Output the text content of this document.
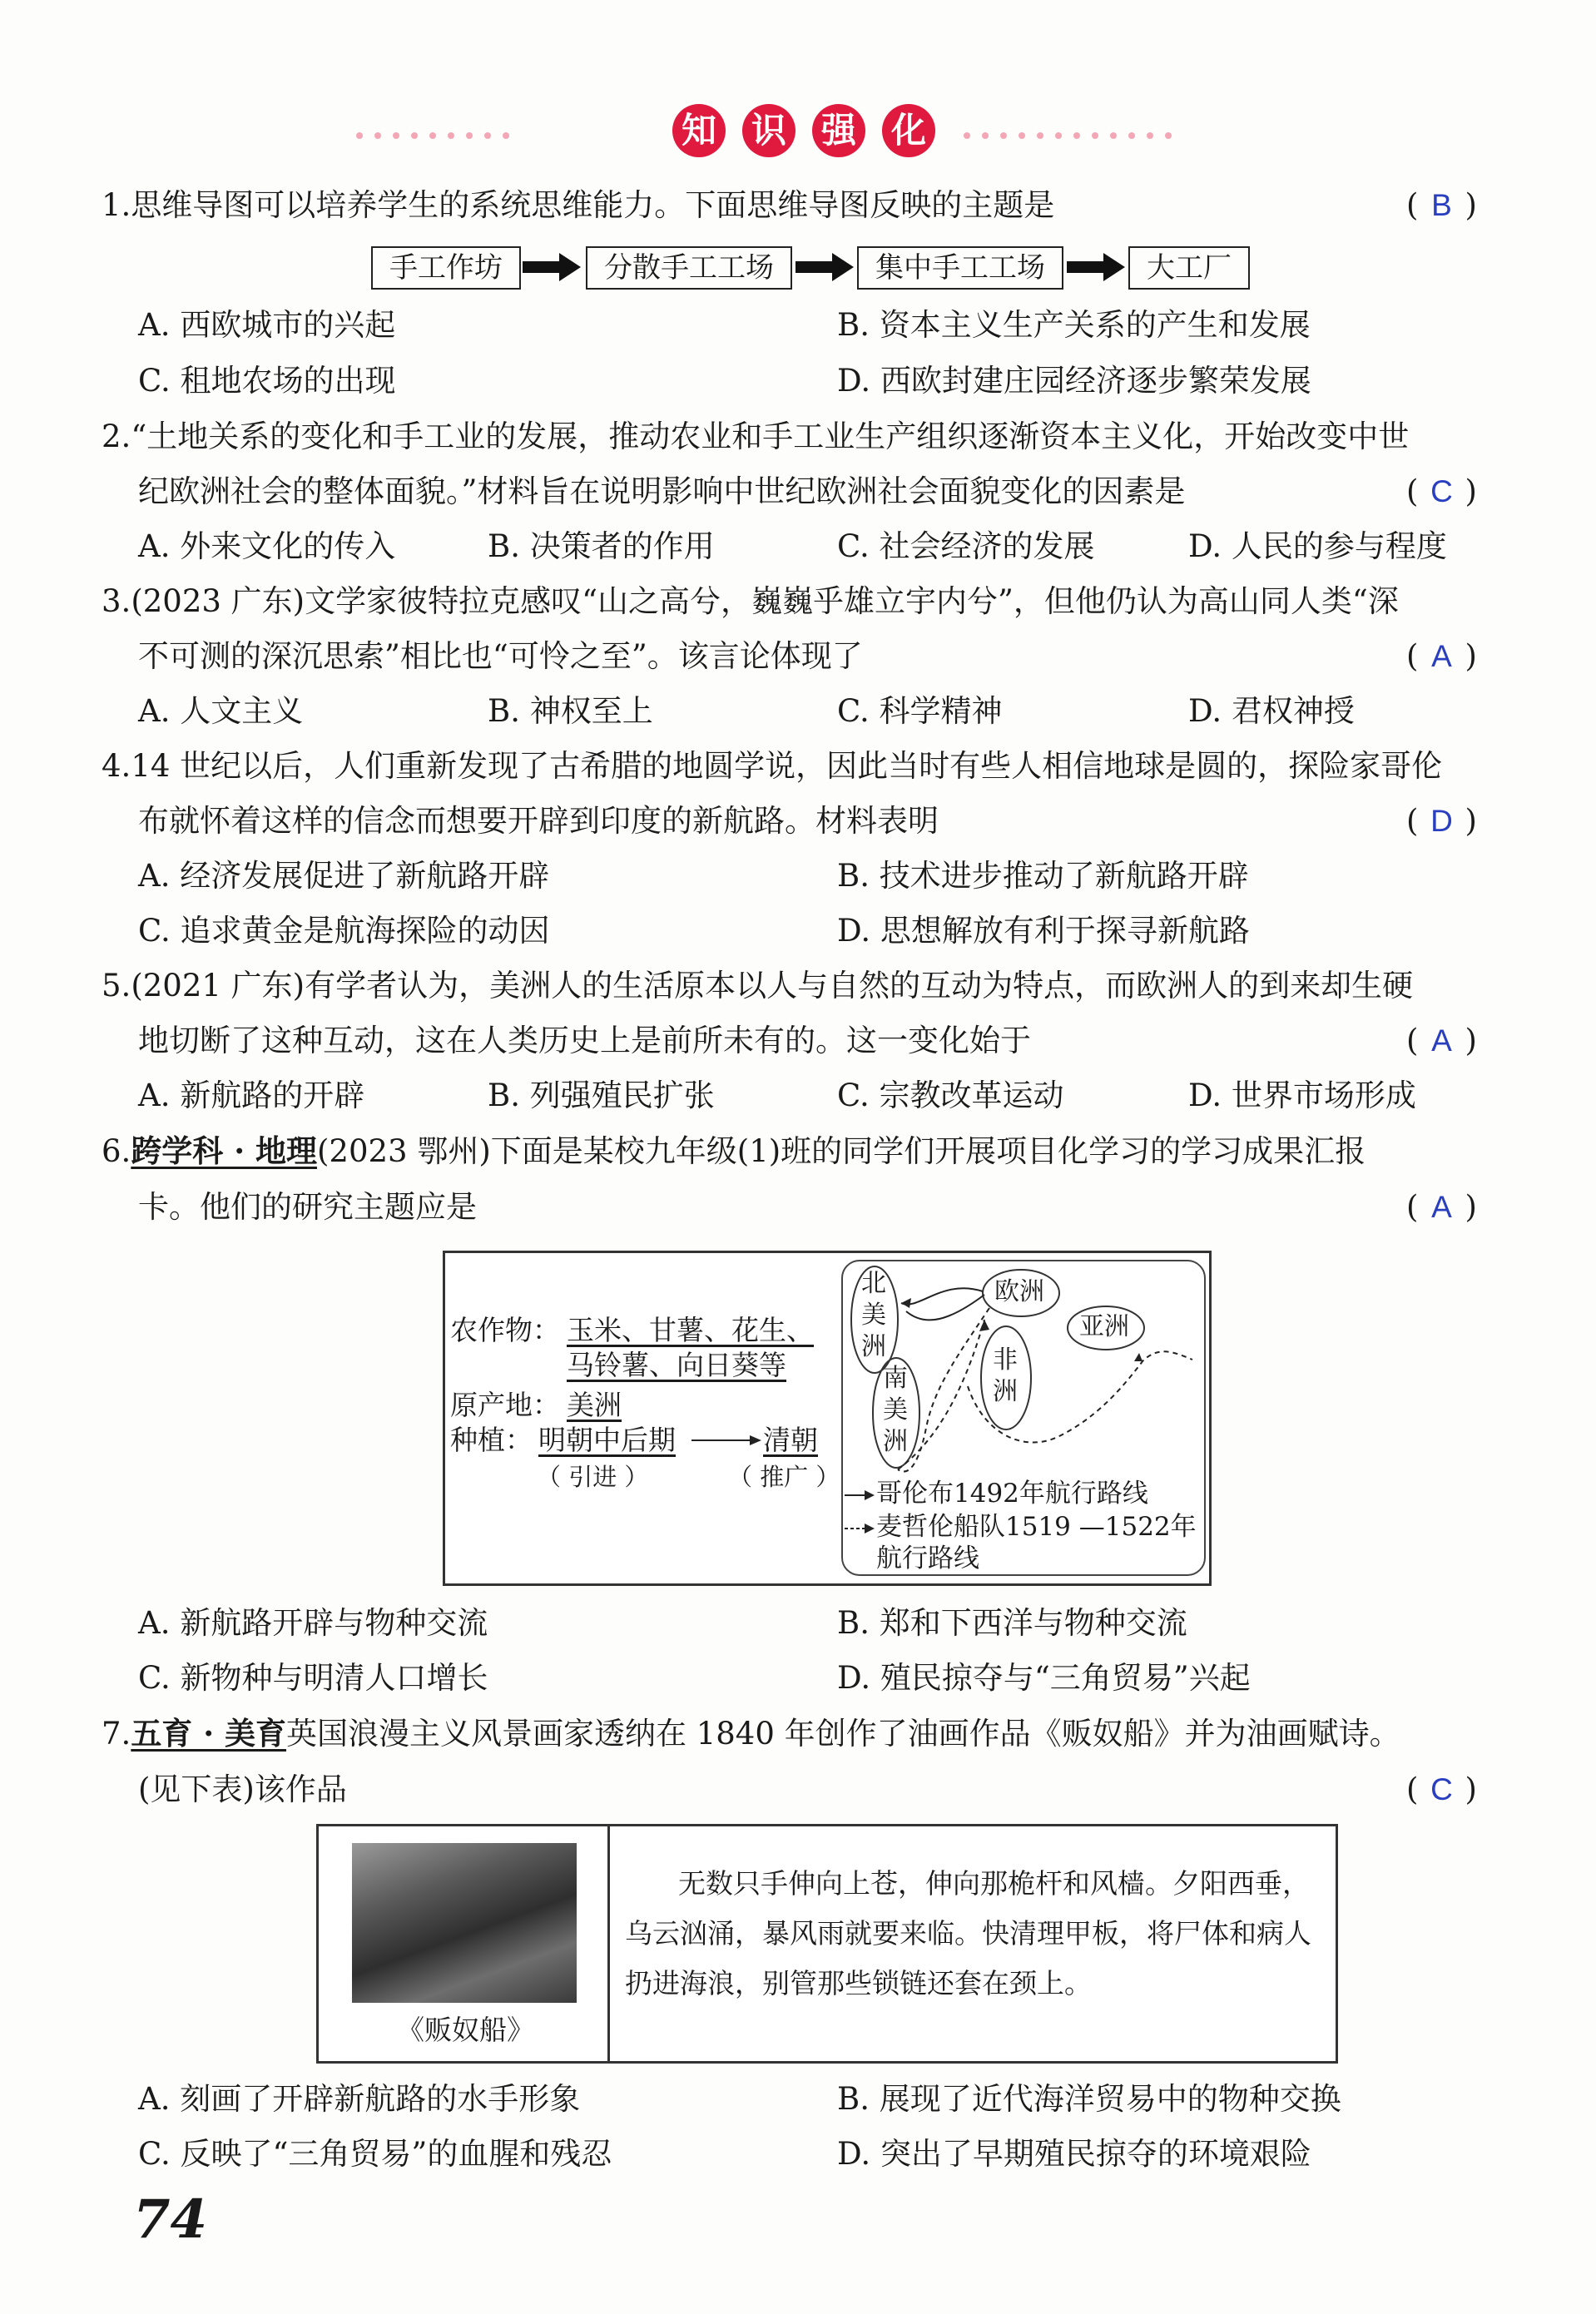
知 识 强 化
1.思维导图可以培养学生的系统思维能力。下面思维导图反映的主题是	( B )
手工作坊	分散手工工场	集中手工工场	大工厂
A. 西欧城市的兴起	B. 资本主义生产关系的产生和发展
C. 租地农场的出现	D. 西欧封建庄园经济逐步繁荣发展
2.“土地关系的变化和手工业的发展，推动农业和手工业生产组织逐渐资本主义化，开始改变中世
纪欧洲社会的整体面貌。”材料旨在说明影响中世纪欧洲社会面貌变化的因素是	( C )
A. 外来文化的传入	B. 决策者的作用	C. 社会经济的发展	D. 人民的参与程度
3.(2023 广东)文学家彼特拉克感叹“山之高兮，巍巍乎雄立宇内兮”，但他仍认为高山同人类“深
不可测的深沉思索”相比也“可怜之至”。该言论体现了	( A )
A. 人文主义	B. 神权至上	C. 科学精神	D. 君权神授
4.14 世纪以后，人们重新发现了古希腊的地圆学说，因此当时有些人相信地球是圆的，探险家哥伦
布就怀着这样的信念而想要开辟到印度的新航路。材料表明	( D )
A. 经济发展促进了新航路开辟	B. 技术进步推动了新航路开辟
C. 追求黄金是航海探险的动因	D. 思想解放有利于探寻新航路
5.(2021 广东)有学者认为，美洲人的生活原本以人与自然的互动为特点，而欧洲人的到来却生硬
地切断了这种互动，这在人类历史上是前所未有的。这一变化始于	( A )
A. 新航路的开辟	B. 列强殖民扩张	C. 宗教改革运动	D. 世界市场形成
6.跨学科 · 地理(2023 鄂州)下面是某校九年级(1)班的同学们开展项目化学习的学习成果汇报
卡。他们的研究主题应是	( A )
农作物： 玉米、甘薯、花生、
马铃薯、向日葵等
原产地： 美洲
种植： 明朝中后期	清朝
（ 引进 ）	（ 推广 ）
北
美
洲
南
美
洲
欧洲
非
洲
亚洲
哥伦布1492年航行路线
麦哲伦船队1519 —1522年
航行路线
A. 新航路开辟与物种交流	B. 郑和下西洋与物种交流
C. 新物种与明清人口增长	D. 殖民掠夺与“三角贸易”兴起
7.五育 · 美育英国浪漫主义风景画家透纳在 1840 年创作了油画作品《贩奴船》并为油画赋诗。
(见下表)该作品	( C )
《贩奴船》
无数只手伸向上苍，伸向那桅杆和风樯。夕阳西垂，
乌云汹涌，暴风雨就要来临。快清理甲板，将尸体和病人
扔进海浪，别管那些锁链还套在颈上。
A. 刻画了开辟新航路的水手形象	B. 展现了近代海洋贸易中的物种交换
C. 反映了“三角贸易”的血腥和残忍	D. 突出了早期殖民掠夺的环境艰险
74
